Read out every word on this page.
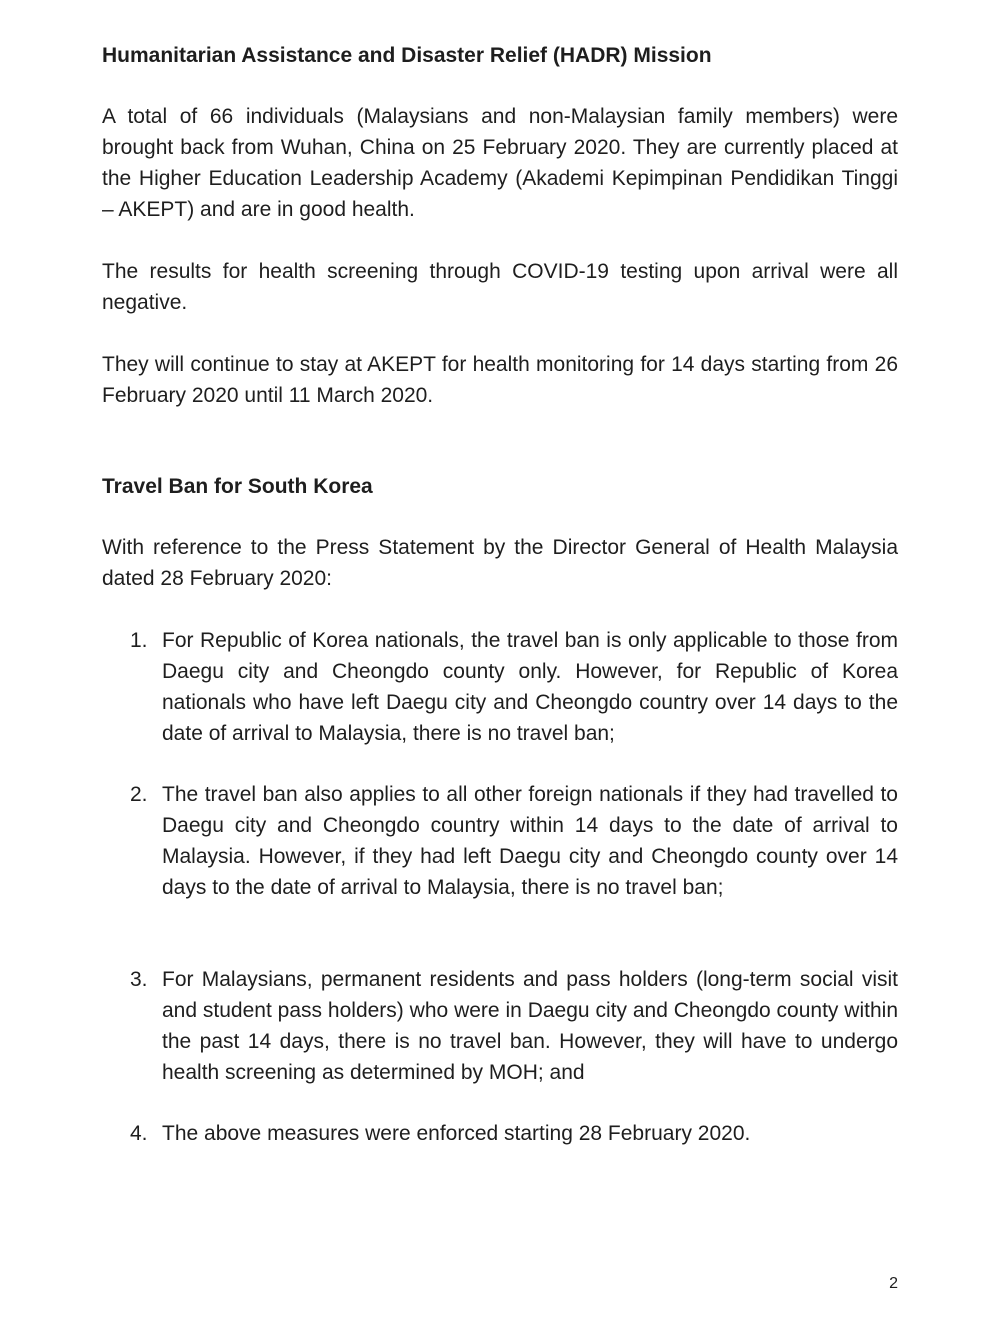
Humanitarian Assistance and Disaster Relief (HADR) Mission

A total of 66 individuals (Malaysians and non-Malaysian family members) were brought back from Wuhan, China on 25 February 2020. They are currently placed at the Higher Education Leadership Academy (Akademi Kepimpinan Pendidikan Tinggi – AKEPT) and are in good health.

The results for health screening through COVID-19 testing upon arrival were all negative.

They will continue to stay at AKEPT for health monitoring for 14 days starting from 26 February 2020 until 11 March 2020.

Travel Ban for South Korea

With reference to the Press Statement by the Director General of Health Malaysia dated 28 February 2020:

1. For Republic of Korea nationals, the travel ban is only applicable to those from Daegu city and Cheongdo county only. However, for Republic of Korea nationals who have left Daegu city and Cheongdo country over 14 days to the date of arrival to Malaysia, there is no travel ban;
2. The travel ban also applies to all other foreign nationals if they had travelled to Daegu city and Cheongdo country within 14 days to the date of arrival to Malaysia. However, if they had left Daegu city and Cheongdo county over 14 days to the date of arrival to Malaysia, there is no travel ban;
3. For Malaysians, permanent residents and pass holders (long-term social visit and student pass holders) who were in Daegu city and Cheongdo county within the past 14 days, there is no travel ban. However, they will have to undergo health screening as determined by MOH; and
4. The above measures were enforced starting 28 February 2020.
2
